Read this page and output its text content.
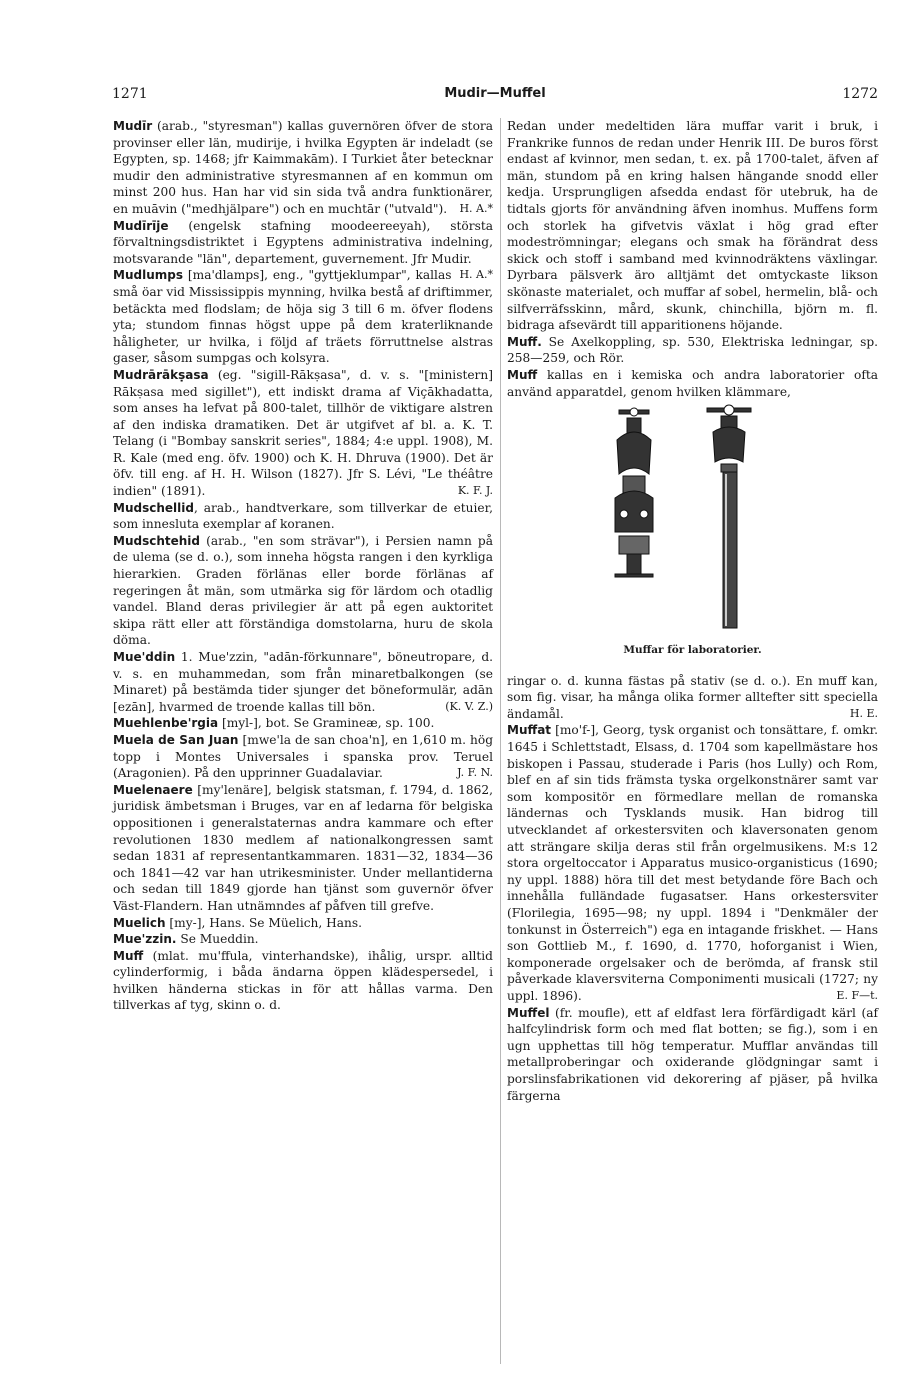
1271	Mudir—Muffel	1272

Mudīr (arab., "styresman") kallas guvernören öfver de stora provinser eller län, mudirije, i hvilka Egypten är indeladt (se Egypten, sp. 1468; jfr Kaimmakām). I Turkiet åter betecknar mudir den administrative styresmannen af en kommun om minst 200 hus. Han har vid sin sida två andra funktionärer, en muāvin ("medhjälpare") och en muchtār ("utvald").	H. A.*

Mudīrīje (engelsk stafning moodeereeyah), största förvaltningsdistriktet i Egyptens administrativa indelning, motsvarande "län", departement, guvernement. Jfr Mudir.
H. A.*

Mudlumps [ma'dlamps], eng., "gyttjeklumpar", kallas små öar vid Mississippis mynning, hvilka bestå af driftimmer, betäckta med flodslam; de höja sig 3 till 6 m. öfver flodens yta; stundom finnas högst uppe på dem kraterliknande håligheter, ur hvilka, i följd af träets förruttnelse alstras gaser, såsom sumpgas och kolsyra.

Mudrārākṣasa (eg. "sigill-Rākṣasa", d. v. s. "[ministern] Rākṣasa med sigillet"), ett indiskt drama af Viçākhadatta, som anses ha lefvat på 800-talet, tillhör de viktigare alstren af den indiska dramatiken. Det är utgifvet af bl. a. K. T. Telang (i "Bombay sanskrit series", 1884; 4:e uppl. 1908), M. R. Kale (med eng. öfv. 1900) och K. H. Dhruva (1900). Det är öfv. till eng. af H. H. Wilson (1827). Jfr S. Lévi, "Le théâtre indien" (1891).	K. F. J.

Mudschellid, arab., handtverkare, som tillverkar de etuier, som innesluta exemplar af koranen.

Mudschtehid (arab., "en som strävar"), i Persien namn på de ulema (se d. o.), som inneha högsta rangen i den kyrkliga hierarkien. Graden förlänas eller borde förlänas af regeringen åt män, som utmärka sig för lärdom och otadlig vandel. Bland deras privilegier är att på egen auktoritet skipa rätt eller att förständiga domstolarna, huru de skola döma.

Mue'ddin 1. Mue'zzin, "adān-förkunnare", böneutropare, d. v. s. en muhammedan, som från minaretbalkongen (se Minaret) på bestämda tider sjunger det böneformulär, adān [ezān], hvarmed de troende kallas till bön.	(K. V. Z.)

Muehlenbe'rgia [myl-], bot. Se Gramineæ, sp. 100.

Muela de San Juan [mwe'la de san choa'n], en 1,610 m. hög topp i Montes Universales i spanska prov. Teruel (Aragonien). På den upprinner Guadalaviar.	J. F. N.

Muelenaere [my'lenäre], belgisk statsman, f. 1794, d. 1862, juridisk ämbetsman i Bruges, var en af ledarna för belgiska oppositionen i generalstaternas andra kammare och efter revolutionen 1830 medlem af nationalkongressen samt sedan 1831 af representantkammaren. 1831—32, 1834—36 och 1841—42 var han utrikesminister. Under mellantiderna och sedan till 1849 gjorde han tjänst som guvernör öfver Väst-Flandern. Han utnämndes af påfven till grefve.

Muelich [my-], Hans. Se Müelich, Hans.

Mue'zzin. Se Mueddin.

Muff (mlat. mu'ffula, vinterhandske), ihålig, urspr. alltid cylinderformig, i båda ändarna öppen klädespersedel, i hvilken händerna stickas in för att hållas varma. Den tillverkas af tyg, skinn o. d.

Redan under medeltiden lära muffar varit i bruk, i Frankrike funnos de redan under Henrik III. De buros först endast af kvinnor, men sedan, t. ex. på 1700-talet, äfven af män, stundom på en kring halsen hängande snodd eller kedja. Ursprungligen afsedda endast för utebruk, ha de tidtals gjorts för användning äfven inomhus. Muffens form och storlek ha gifvetvis växlat i hög grad efter modeströmningar; elegans och smak ha förändrat dess skick och stoff i samband med kvinnodräktens växlingar. Dyrbara pälsverk äro alltjämt det omtyckaste likson skönaste materialet, och muffar af sobel, hermelin, blå- och silfverräfsskinn, mård, skunk, chinchilla, björn m. fl. bidraga afsevärdt till apparitionens höjande.

Muff. Se Axelkoppling, sp. 530, Elektriska ledningar, sp. 258—259, och Rör.

Muff kallas en i kemiska och andra laboratorier ofta använd apparatdel, genom hvilken klämmare,

Muffar för laboratorier.

ringar o. d. kunna fästas på stativ (se d. o.). En muff kan, som fig. visar, ha många olika former alltefter sitt speciella ändamål.	H. E.

Muffat [mo'f-], Georg, tysk organist och tonsättare, f. omkr. 1645 i Schlettstadt, Elsass, d. 1704 som kapellmästare hos biskopen i Passau, studerade i Paris (hos Lully) och Rom, blef en af sin tids främsta tyska orgelkonstnärer samt var som kompositör en förmedlare mellan de romanska ländernas och Tysklands musik. Han bidrog till utvecklandet af orkestersviten och klaversonaten genom att strängare skilja deras stil från orgelmusikens. M:s 12 stora orgeltoccator i Apparatus musico-organisticus (1690; ny uppl. 1888) höra till det mest betydande före Bach och innehålla fulländade fugasatser. Hans orkestersviter (Florilegia, 1695—98; ny uppl. 1894 i "Denkmäler der tonkunst in Österreich") ega en intagande friskhet. — Hans son Gottlieb M., f. 1690, d. 1770, hoforganist i Wien, komponerade orgelsaker och de berömda, af fransk stil påverkade klaversviterna Componimenti musicali (1727; ny uppl. 1896).	E. F—t.

Muffel (fr. moufle), ett af eldfast lera förfärdigadt kärl (af halfcylindrisk form och med flat botten; se fig.), som i en ugn upphettas till hög temperatur. Mufflar användas till metallproberingar och oxiderande glödgningar samt i porslinsfabrikationen vid dekorering af pjäser, på hvilka färgerna
